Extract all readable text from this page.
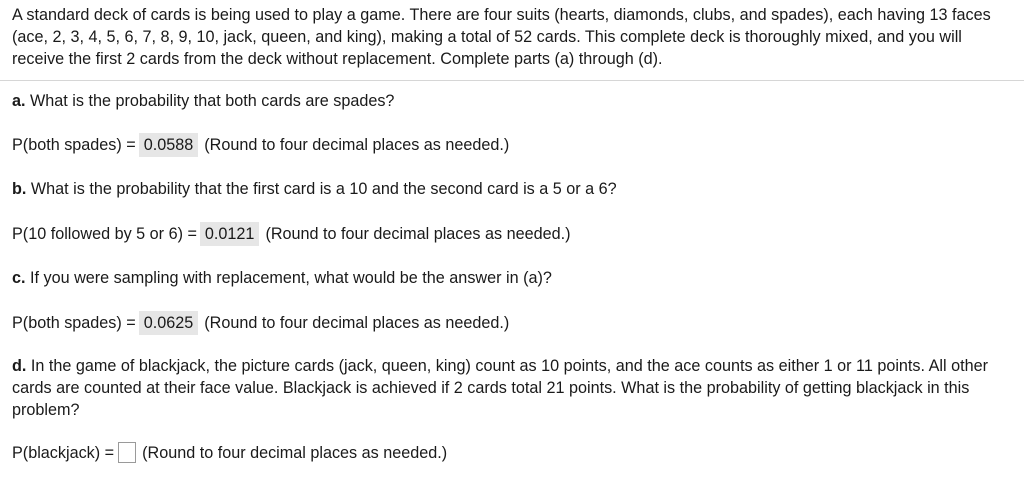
A standard deck of cards is being used to play a game. There are four suits (hearts, diamonds, clubs, and spades), each having 13 faces (ace, 2, 3, 4, 5, 6, 7, 8, 9, 10, jack, queen, and king), making a total of 52 cards. This complete deck is thoroughly mixed, and you will receive the first 2 cards from the deck without replacement. Complete parts (a) through (d).
a. What is the probability that both cards are spades?
P(both spades) = 0.0588 (Round to four decimal places as needed.)
b. What is the probability that the first card is a 10 and the second card is a 5 or a 6?
P(10 followed by 5 or 6) = 0.0121 (Round to four decimal places as needed.)
c. If you were sampling with replacement, what would be the answer in (a)?
P(both spades) = 0.0625 (Round to four decimal places as needed.)
d. In the game of blackjack, the picture cards (jack, queen, king) count as 10 points, and the ace counts as either 1 or 11 points. All other cards are counted at their face value. Blackjack is achieved if 2 cards total 21 points. What is the probability of getting blackjack in this problem?
P(blackjack) = (Round to four decimal places as needed.)
